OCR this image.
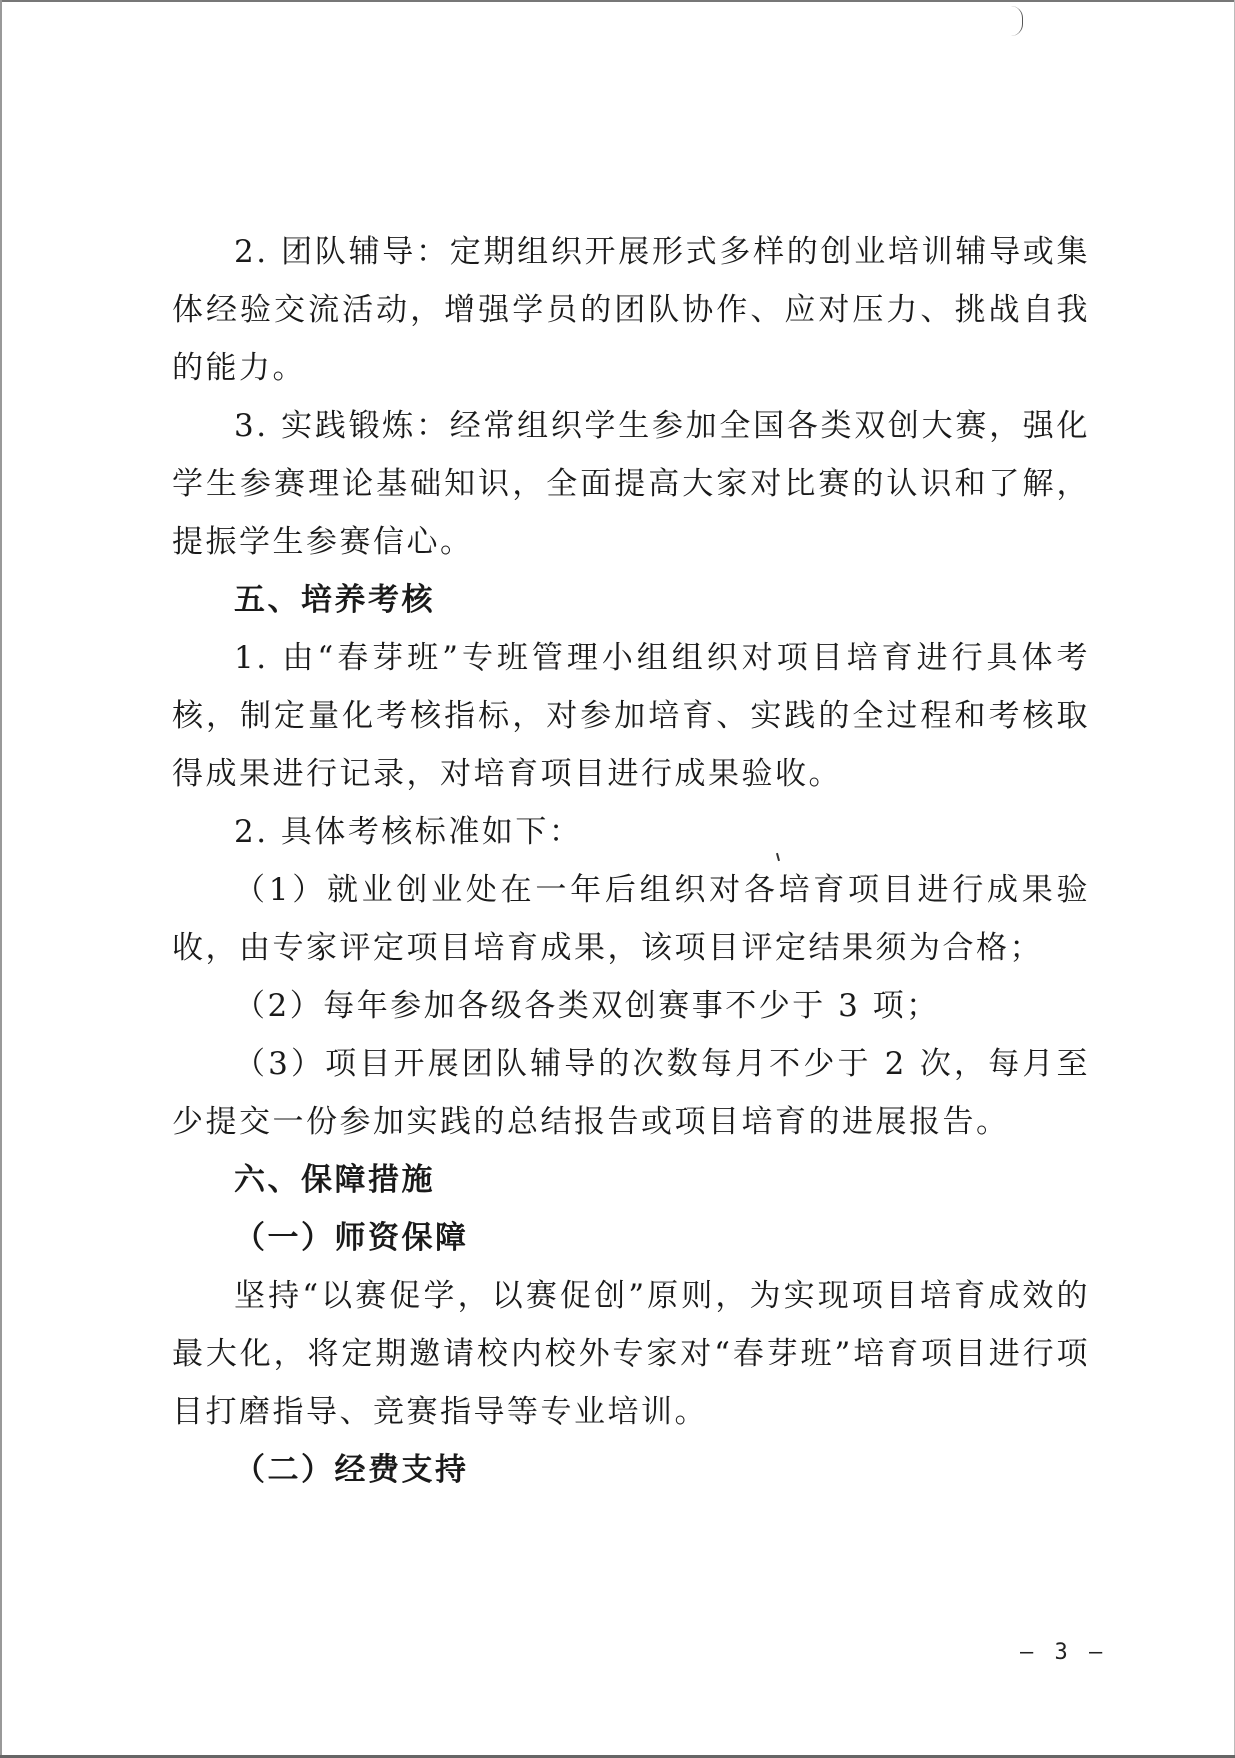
2. 团队辅导：定期组织开展形式多样的创业培训辅导或集体经验交流活动，增强学员的团队协作、应对压力、挑战自我的能力。

3. 实践锻炼：经常组织学生参加全国各类双创大赛，强化学生参赛理论基础知识，全面提高大家对比赛的认识和了解，提振学生参赛信心。

五、培养考核

1. 由“春芽班”专班管理小组组织对项目培育进行具体考核，制定量化考核指标，对参加培育、实践的全过程和考核取得成果进行记录，对培育项目进行成果验收。

2. 具体考核标准如下：

（1）就业创业处在一年后组织对各培育项目进行成果验收，由专家评定项目培育成果，该项目评定结果须为合格；

（2）每年参加各级各类双创赛事不少于 3 项；

（3）项目开展团队辅导的次数每月不少于 2 次，每月至少提交一份参加实践的总结报告或项目培育的进展报告。

六、保障措施

（一）师资保障

坚持“以赛促学，以赛促创”原则，为实现项目培育成效的最大化，将定期邀请校内校外专家对“春芽班”培育项目进行项目打磨指导、竞赛指导等专业培训。

（二）经费支持

— 3 —
